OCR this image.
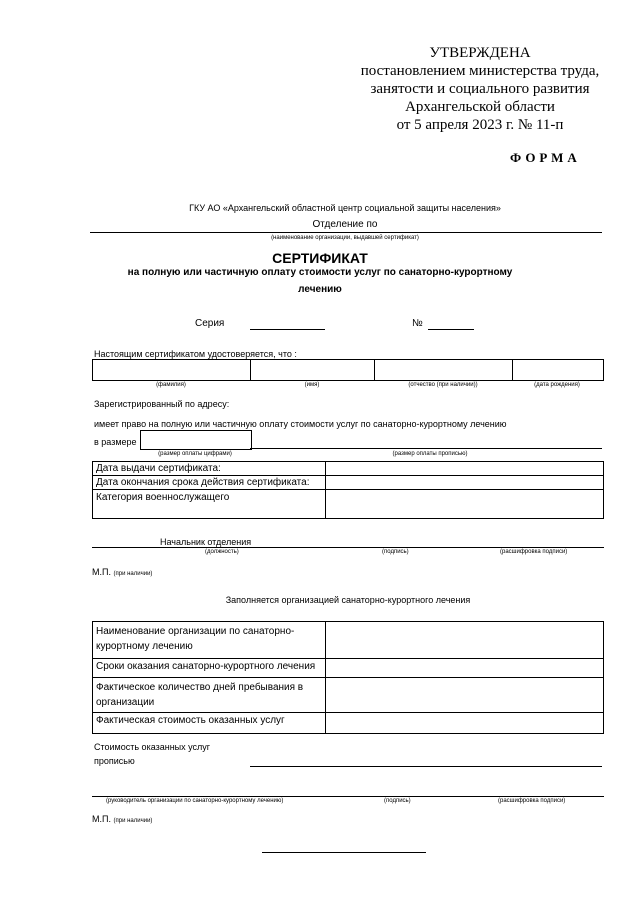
УТВЕРЖДЕНА
постановлением министерства труда,
занятости и социального развития
Архангельской области
от 5 апреля 2023 г. № 11-п
ФОРМА
ГКУ АО «Архангельский областной центр социальной защиты населения»
Отделение по
(наименование организации, выдавшей сертификат)
СЕРТИФИКАТ
на полную или частичную оплату стоимости услуг по санаторно-курортному
лечению
Серия	№
Настоящим сертификатом удостоверяется, что :
(фамилия)	(имя)	(отчество (при наличии))	(дата рождения)
Зарегистрированный по адресу:
имеет право на полную или частичную оплату стоимости услуг по санаторно-курортному лечению
в размере
(размер оплаты цифрами)	(размер оплаты прописью)
Дата выдачи сертификата:	
Дата окончания срока действия сертификата:	
Категория военнослужащего	
Начальник отделения
(должность)	(подпись)	(расшифровка подписи)
М.П. (при наличии)
Заполняется организацией санаторно-курортного лечения
Наименование организации по санаторно-курортному лечению	
Сроки оказания санаторно-курортного лечения	
Фактическое количество дней пребывания в организации	
Фактическая стоимость оказанных услуг	
Стоимость оказанных услуг
прописью
(руководитель организации по санаторно-курортному лечению)	(подпись)	(расшифровка подписи)
М.П. (при наличии)
